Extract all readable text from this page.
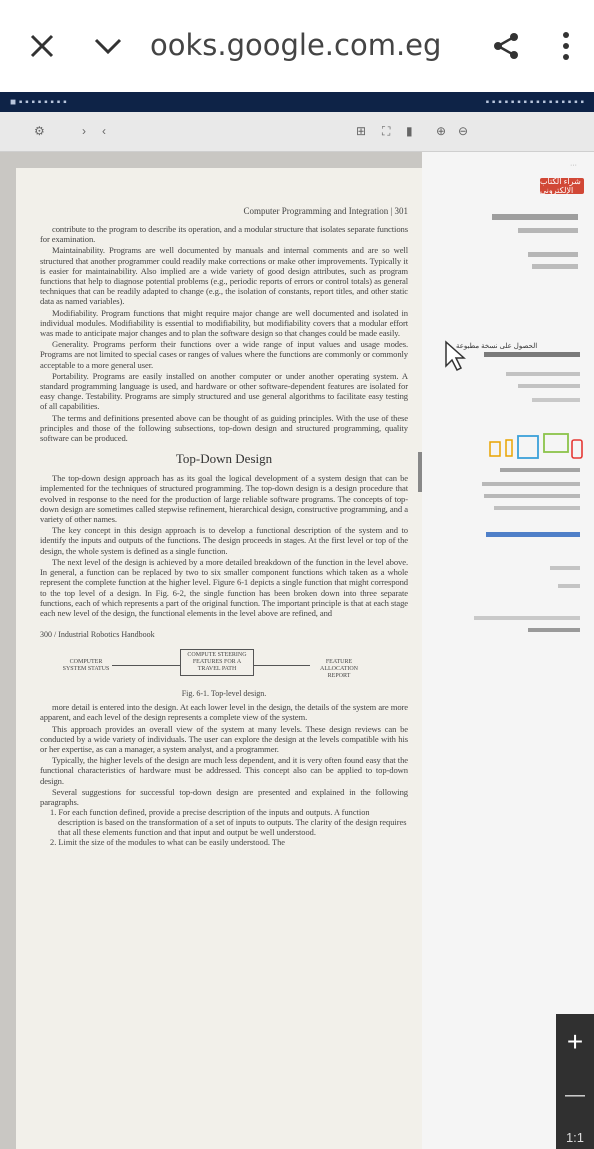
ooks.google.com.eg
■ ▪ ▪ ▪ ▪ ▪ ▪ ▪ ▪	▪ ▪ ▪ ▪ ▪ ▪ ▪ ▪ ▪ ▪ ▪ ▪ ▪ ▪ ▪ ▪
⚙	› ‹	⊞ ⛶ ▮ ⊕ ⊖
Computer Programming and Integration | 301

contribute to the program to describe its operation, and a modular structure that isolates separate functions for examination.

Maintainability. Programs are well documented by manuals and internal comments and are so well structured that another programmer could readily make corrections or make other improvements. Typically it is easier for maintainability. Also implied are a wide variety of good design attributes, such as program functions that help to diagnose potential problems (e.g., periodic reports of errors or control totals) as general techniques that can be readily adapted to change (e.g., the isolation of constants, report titles, and other static data as named variables).

Modifiability. Program functions that might require major change are well documented and isolated in individual modules. Modifiability is essential to modifiability, but modifiability covers that a modular effort was made to anticipate major changes and to plan the software design so that changes could be made easily.

Generality. Programs perform their functions over a wide range of input values and usage modes. Programs are not limited to special cases or ranges of values where the functions are commonly or commonly acceptable to a more general user.

Portability. Programs are easily installed on another computer or under another operating system. A standard programming language is used, and hardware or other software-dependent features are isolated for easy change. Testability. Programs are simply structured and use general algorithms to facilitate easy testing of all capabilities.

The terms and definitions presented above can be thought of as guiding principles. With the use of these principles and those of the following subsections, top-down design and structured programming, quality software can be produced.

Top-Down Design

The top-down design approach has as its goal the logical development of a system design that can be implemented for the techniques of structured programming. The top-down design is a design procedure that evolved in response to the need for the production of large reliable software programs. The concepts of top-down design are sometimes called stepwise refinement, hierarchical design, constructive programming, and a variety of other names.

The key concept in this design approach is to develop a functional description of the system and to identify the inputs and outputs of the functions. The design proceeds in stages. At the first level or top of the design, the whole system is defined as a single function.

The next level of the design is achieved by a more detailed breakdown of the function in the level above. In general, a function can be replaced by two to six smaller component functions which taken as a whole represent the complete function at the higher level. Figure 6-1 depicts a single function that might correspond to the top level of a design. In Fig. 6-2, the single function has been broken down into three separate functions, each of which represents a part of the original function. The important principle is that at each stage each new level of the design, the functional elements in the level above are refined, and

300 / Industrial Robotics Handbook
COMPUTER SYSTEM STATUS
COMPUTE STEERING FEATURES FOR A TRAVEL PATH
FEATURE ALLOCATION REPORT
Fig. 6-1. Top-level design.

more detail is entered into the design. At each lower level in the design, the details of the system are more apparent, and each level of the design represents a complete view of the system.

This approach provides an overall view of the system at many levels. These design reviews can be conducted by a wide variety of individuals. The user can explore the design at the levels compatible with his or her expertise, as can a manager, a system analyst, and a programmer.

Typically, the higher levels of the design are much less dependent, and it is very often found easy that the functional characteristics of hardware must be addressed. This concept also can be applied to top-down design.

Several suggestions for successful top-down design are presented and explained in the following paragraphs.

1. For each function defined, provide a precise description of the inputs and outputs. A function description is based on the transformation of a set of inputs to outputs. The clarity of the design requires that all these elements function and that input and output be well understood.
2. Limit the size of the modules to what can be easily understood. The
···
شراء الكتاب الإلكتروني
الحصول على نسخة مطبوعة
+
—
1:1
